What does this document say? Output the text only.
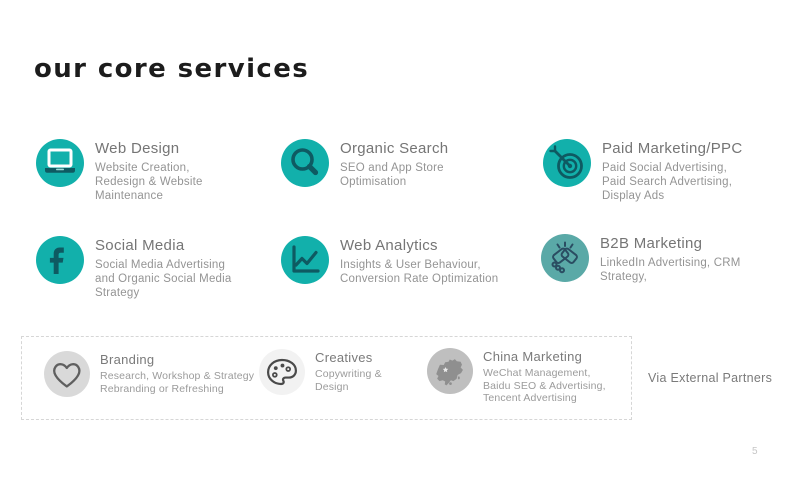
our core services
Web Design
Website Creation, Redesign & Website Maintenance
Organic Search
SEO and App Store Optimisation
Paid Marketing/PPC
Paid Social Advertising, Paid Search Advertising, Display Ads
Social Media
Social Media Advertising and Organic Social Media Strategy
Web Analytics
Insights & User Behaviour, Conversion Rate Optimization
B2B Marketing
LinkedIn Advertising, CRM Strategy,
Branding
Research, Workshop & Strategy Rebranding or Refreshing
Creatives
Copywriting & Design
China Marketing
WeChat Management, Baidu SEO & Advertising, Tencent Advertising
Via External Partners
5
